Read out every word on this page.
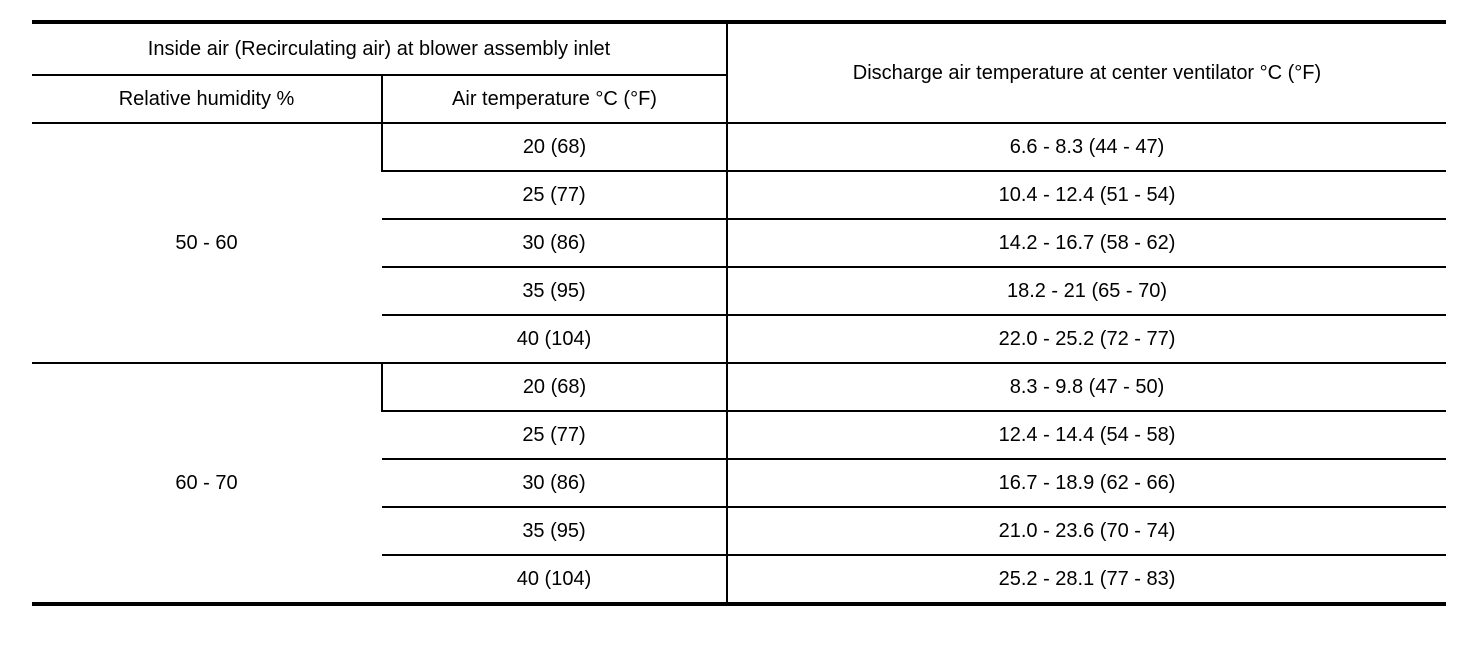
Inside air (Recirculating air) at blower assembly inlet		Discharge air temperature at center ventilator °C (°F)
Relative humidity %	Air temperature °C (°F)	
50 - 60	20 (68)	6.6 - 8.3 (44 - 47)
	25 (77)	10.4 - 12.4 (51 - 54)
	30 (86)	14.2 - 16.7 (58 - 62)
	35 (95)	18.2 - 21 (65 - 70)
	40 (104)	22.0 - 25.2 (72 - 77)
60 - 70	20 (68)	8.3 - 9.8 (47 - 50)
	25 (77)	12.4 - 14.4 (54 - 58)
	30 (86)	16.7 - 18.9 (62 - 66)
	35 (95)	21.0 - 23.6 (70 - 74)
	40 (104)	25.2 - 28.1 (77 - 83)
